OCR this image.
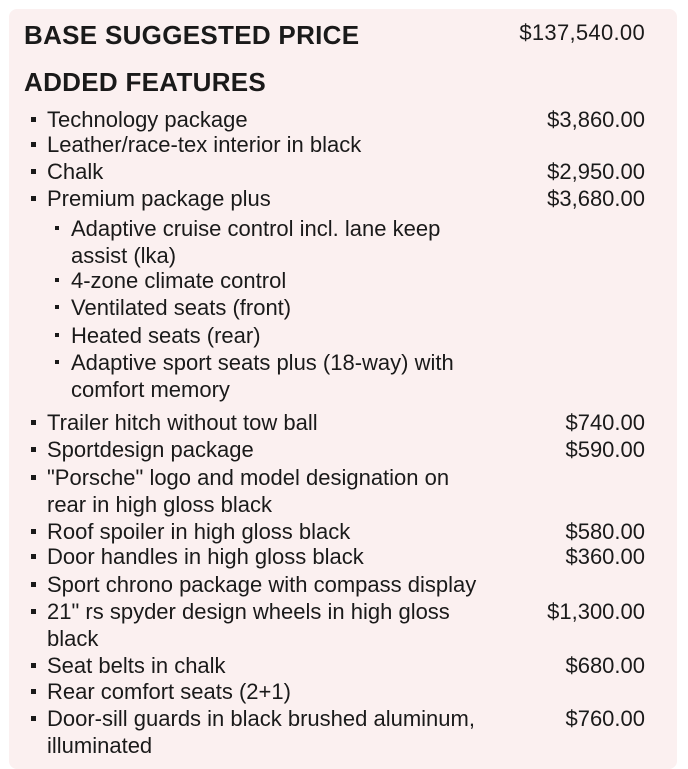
BASE SUGGESTED PRICE	$137,540.00
ADDED FEATURES
Technology package	$3,860.00
Leather/race-tex interior in black
Chalk	$2,950.00
Premium package plus	$3,680.00
Adaptive cruise control incl. lane keep
assist (lka)
4-zone climate control
Ventilated seats (front)
Heated seats (rear)
Adaptive sport seats plus (18-way) with
comfort memory
Trailer hitch without tow ball	$740.00
Sportdesign package	$590.00
"Porsche" logo and model designation on
rear in high gloss black
Roof spoiler in high gloss black	$580.00
Door handles in high gloss black	$360.00
Sport chrono package with compass display
21" rs spyder design wheels in high gloss	$1,300.00
black
Seat belts in chalk	$680.00
Rear comfort seats (2+1)
Door-sill guards in black brushed aluminum,	$760.00
illuminated
